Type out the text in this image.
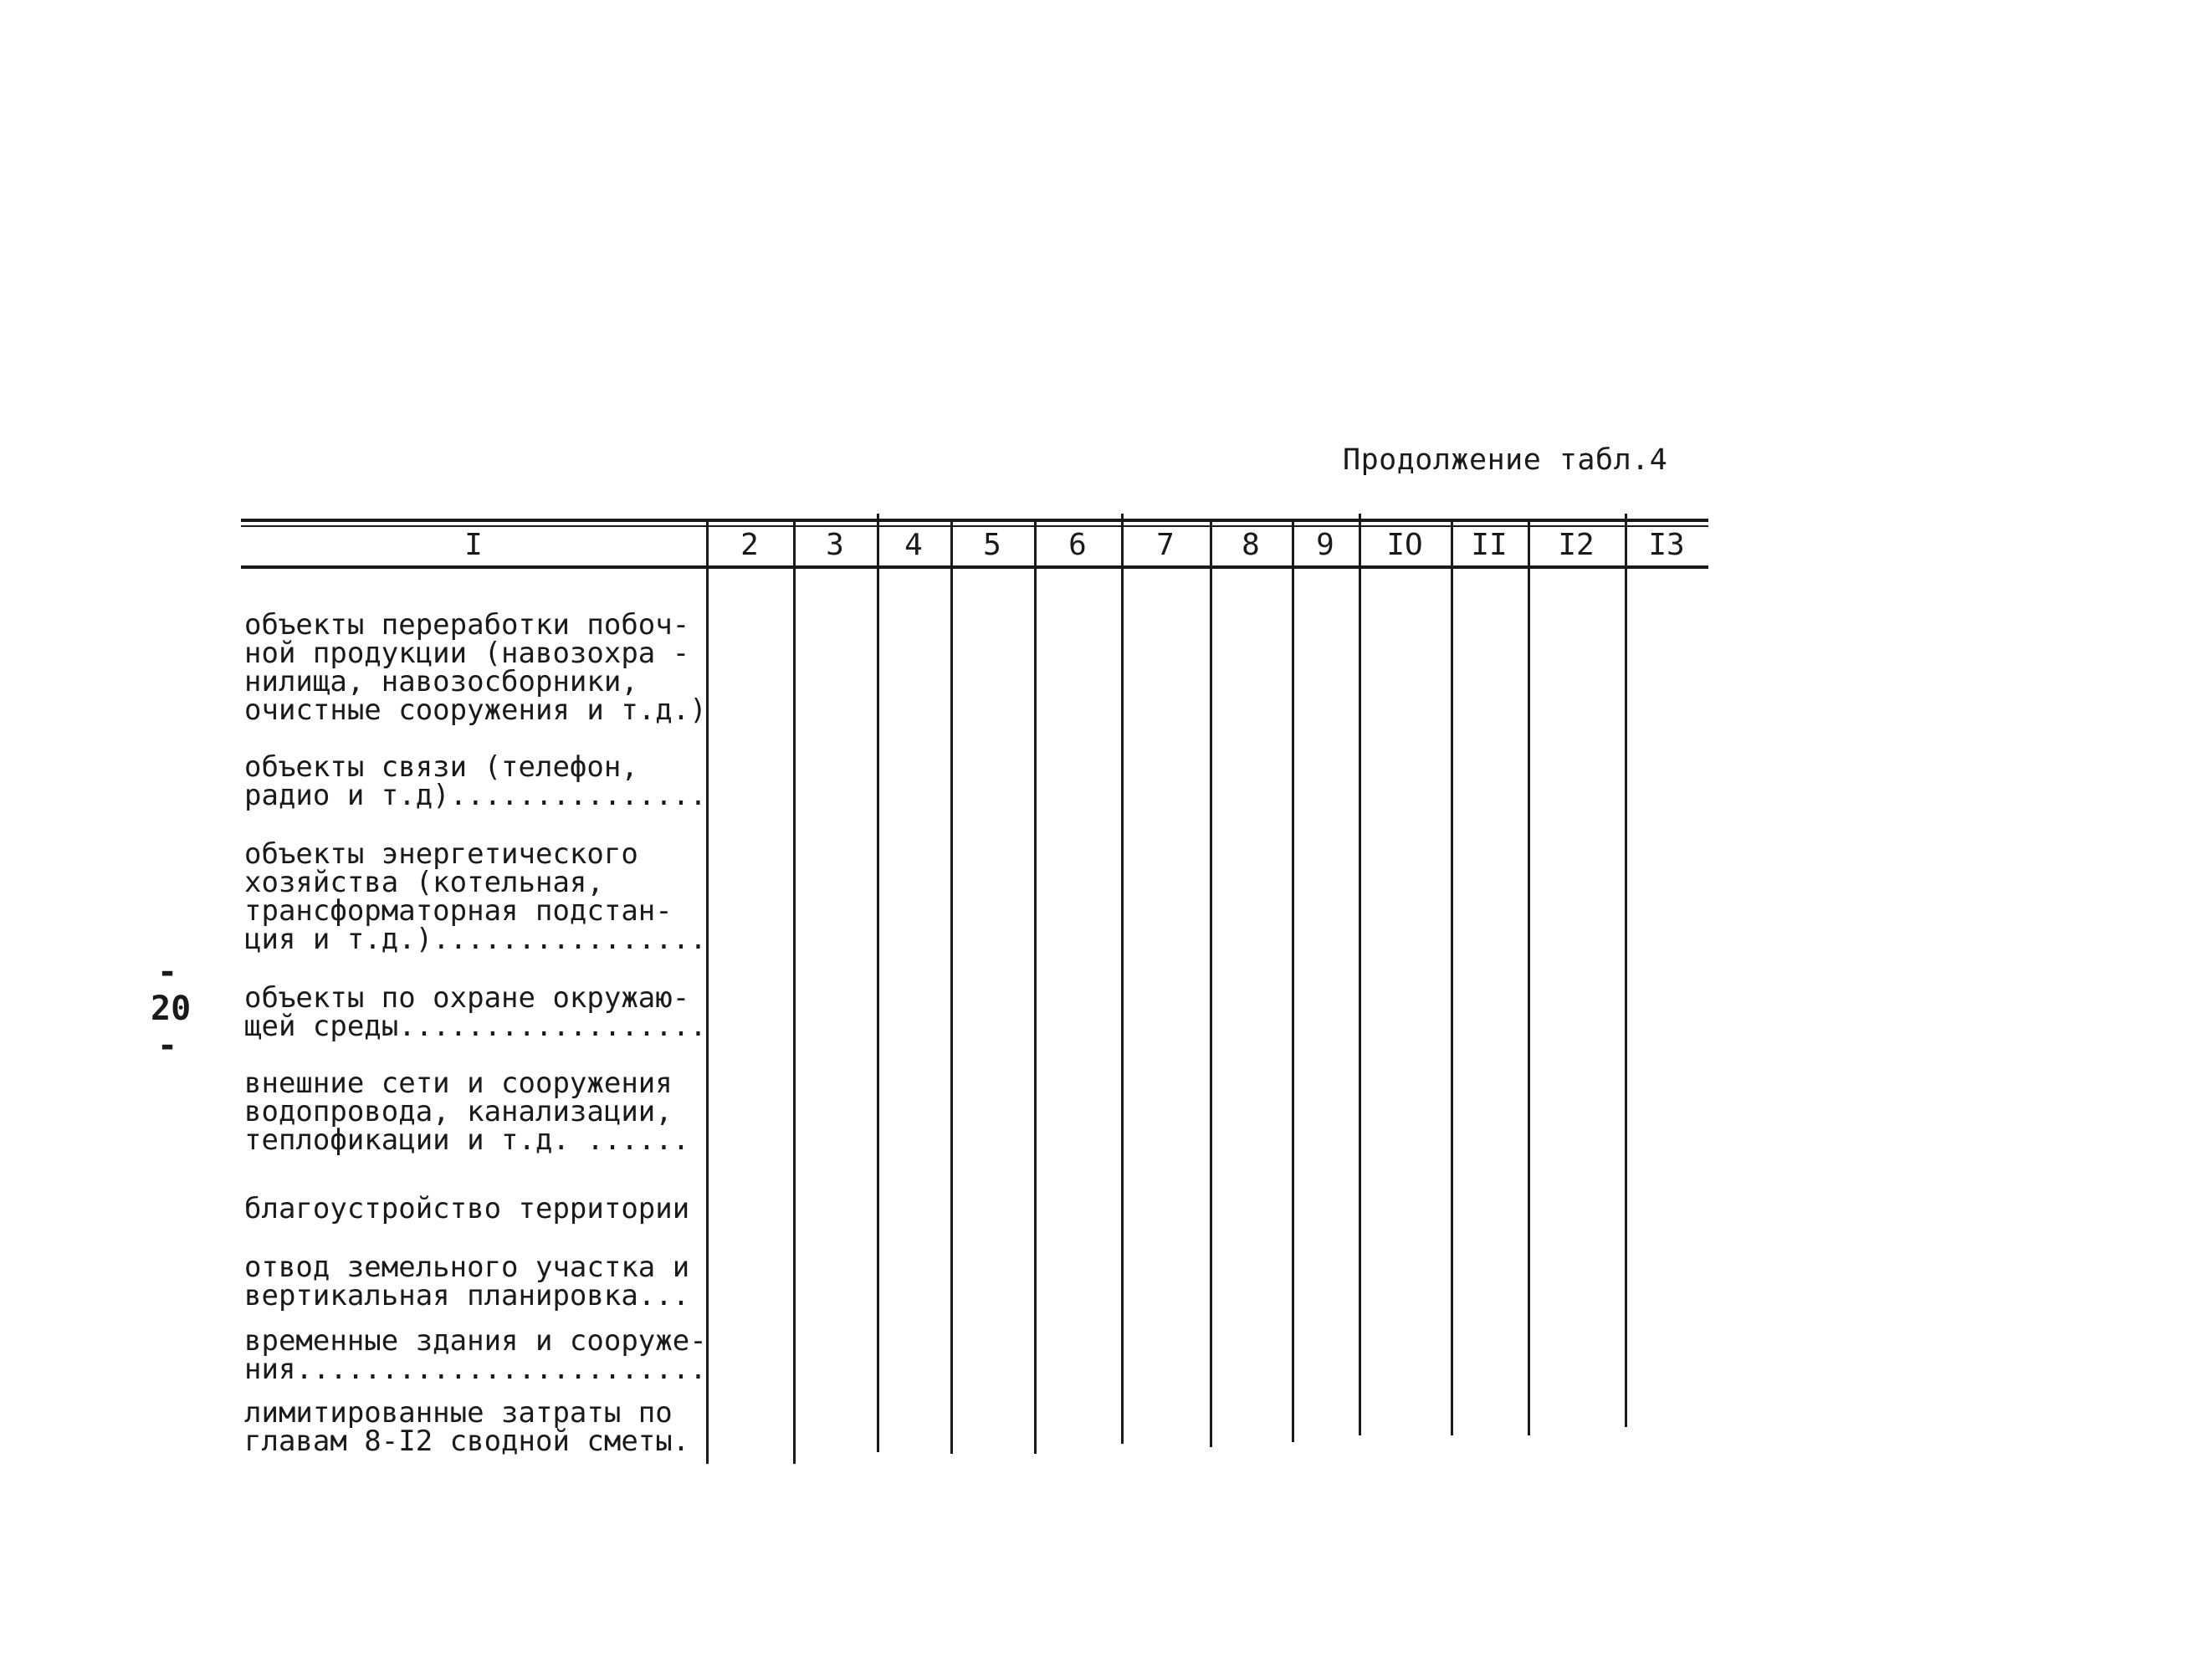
Продолжение табл.4
- 20 -
I	2	3	4	5	6	7	8	9	IO	II	I2	I3
объекты переработки побоч-
ной продукции (навозохра -
нилища, навозосборники,
очистные сооружения и т.д.)
объекты связи (телефон,
радио и т.д)...............
объекты энергетического
хозяйства (котельная,
трансформаторная подстан-
ция и т.д.)................
объекты по охране окружаю-
щей среды..................
внешние сети и сооружения
водопровода, канализации,
теплофикации и т.д. ......
благоустройство территории
отвод земельного участка и
вертикальная планировка...
временные здания и сооруже-
ния........................
лимитированные затраты по
главам 8-I2 сводной сметы.
